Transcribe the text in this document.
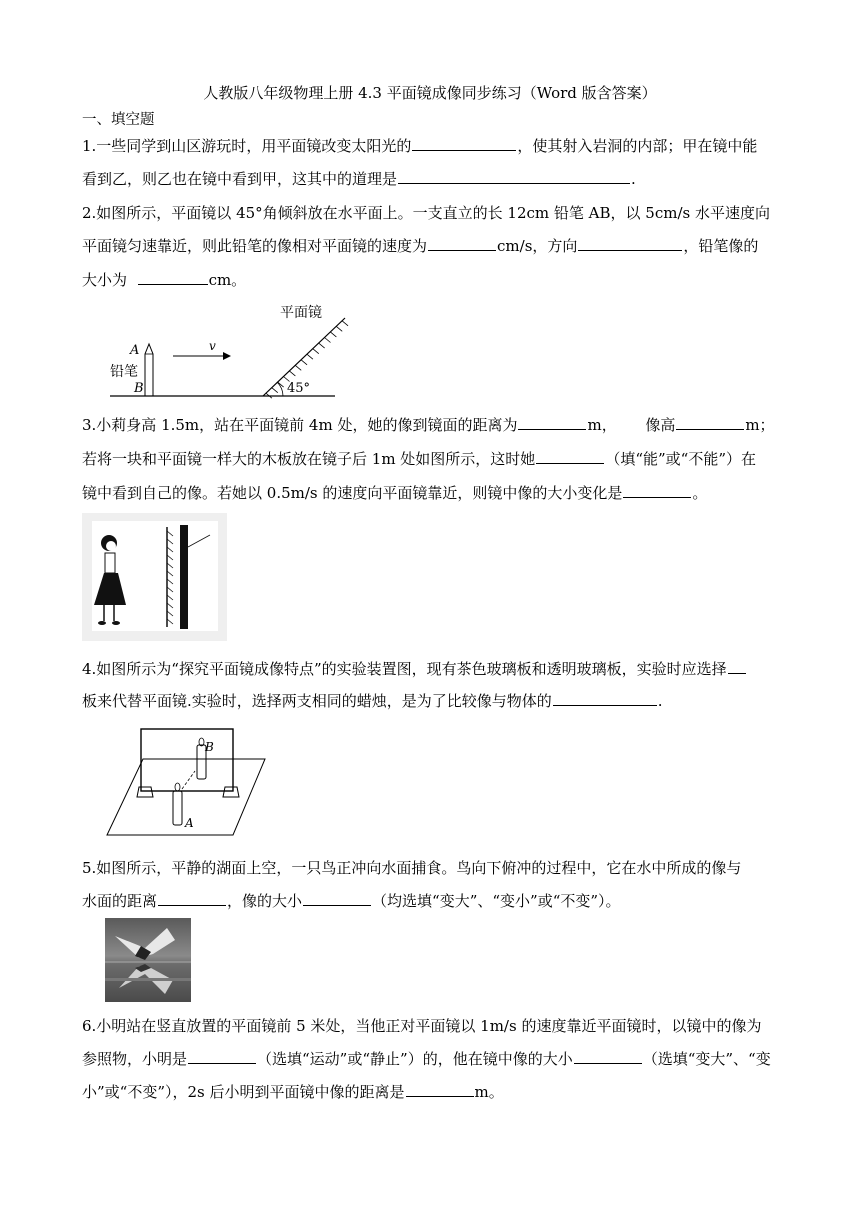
人教版八年级物理上册 4.3 平面镜成像同步练习（Word 版含答案）
一、填空题
1.一些同学到山区游玩时，用平面镜改变太阳光的	，使其射入岩洞的内部；甲在镜中能
看到乙，则乙也在镜中看到甲，这其中的道理是	.
2.如图所示，平面镜以 45°角倾斜放在水平面上。一支直立的长 12cm 铅笔 AB，以 5cm/s 水平速度向
平面镜匀速靠近，则此铅笔的像相对平面镜的速度为	cm/s，方向	，铅笔像的
大小为	cm。
平面镜
v
A
B
铅笔
45°
3.小莉身高 1.5m，站在平面镜前 4m 处，她的像到镜面的距离为	m， 像高	m；
若将一块和平面镜一样大的木板放在镜子后 1m 处如图所示，这时她	（填“能”或“不能”）在
镜中看到自己的像。若她以 0.5m/s 的速度向平面镜靠近，则镜中像的大小变化是	。
4.如图所示为“探究平面镜成像特点”的实验装置图，现有茶色玻璃板和透明玻璃板，实验时应选择
板来代替平面镜.实验时，选择两支相同的蜡烛，是为了比较像与物体的	.
B
A
5.如图所示，平静的湖面上空，一只鸟正冲向水面捕食。鸟向下俯冲的过程中，它在水中所成的像与
水面的距离	，像的大小	（均选填“变大”、“变小”或“不变”）。
6.小明站在竖直放置的平面镜前 5 米处，当他正对平面镜以 1m/s 的速度靠近平面镜时，以镜中的像为
参照物，小明是	（选填“运动”或“静止”）的，他在镜中像的大小	（选填“变大”、“变
小”或“不变”），2s 后小明到平面镜中像的距离是	m。
